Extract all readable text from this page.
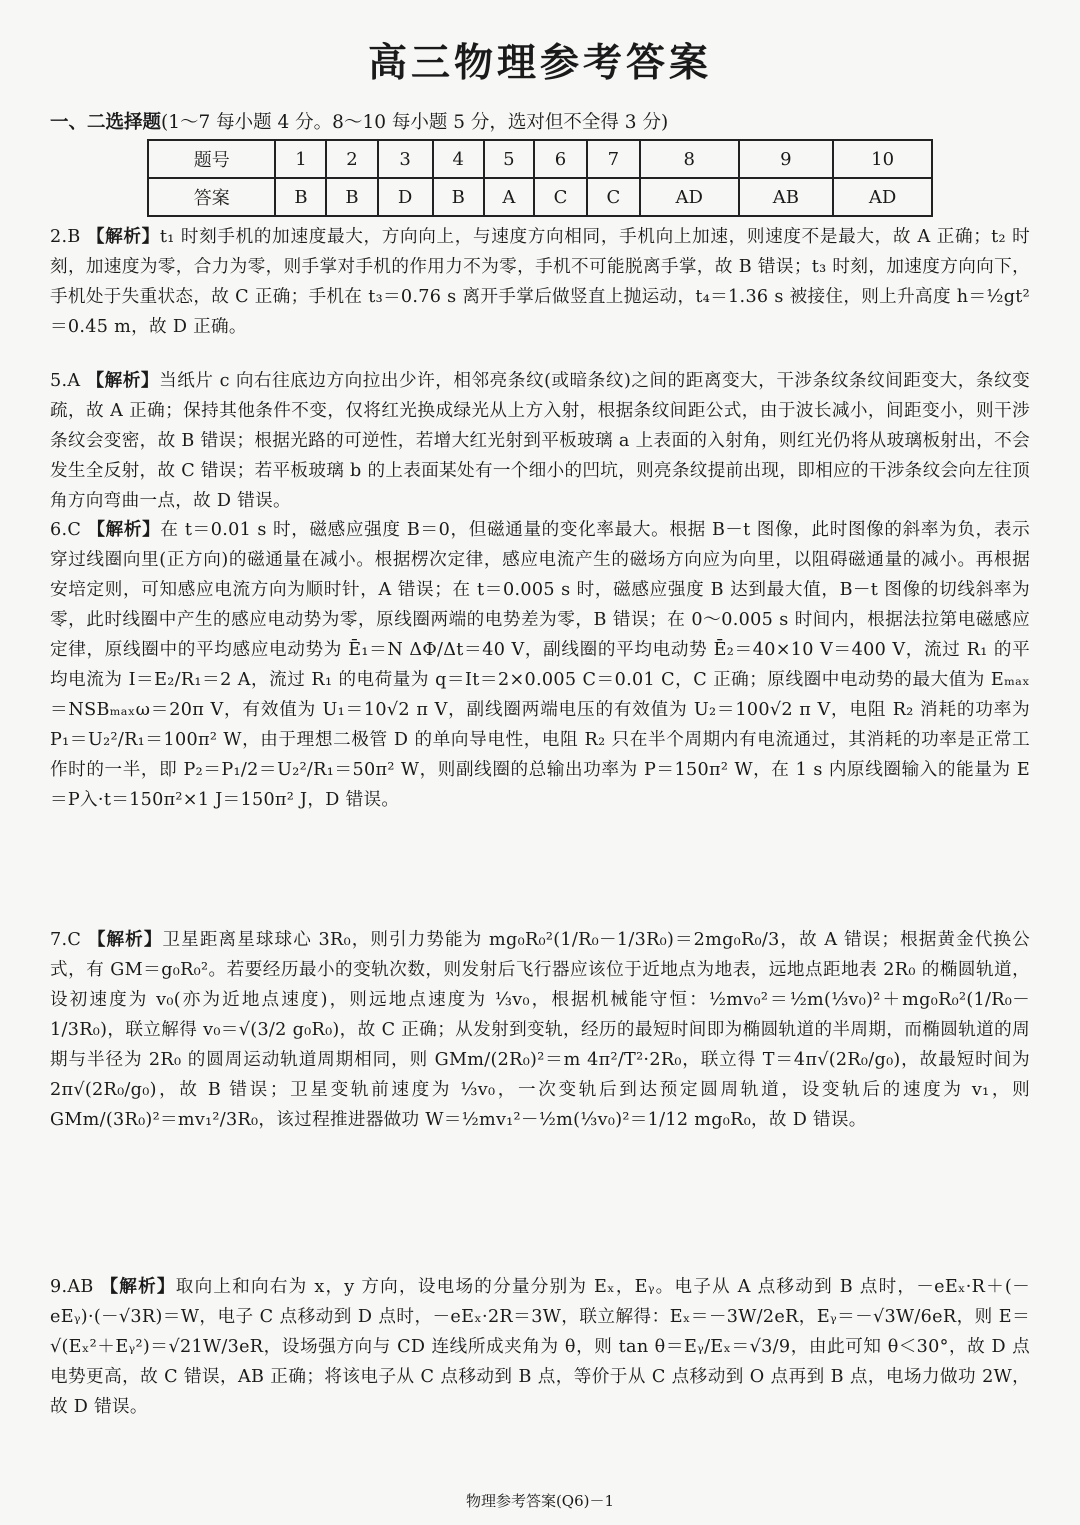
高三物理参考答案
一、二选择题(1～7 每小题 4 分。8～10 每小题 5 分，选对但不全得 3 分)
题号	1	2	3	4	5	6	7	8	9	10
答案	B	B	D	B	A	C	C	AD	AB	AD
2.B 【解析】t₁ 时刻手机的加速度最大，方向向上，与速度方向相同，手机向上加速，则速度不是最大，故 A 正确；t₂ 时刻，加速度为零，合力为零，则手掌对手机的作用力不为零，手机不可能脱离手掌，故 B 错误；t₃ 时刻，加速度方向向下，手机处于失重状态，故 C 正确；手机在 t₃＝0.76 s 离开手掌后做竖直上抛运动，t₄＝1.36 s 被接住，则上升高度 h＝½gt²＝0.45 m，故 D 正确。
5.A 【解析】当纸片 c 向右往底边方向拉出少许，相邻亮条纹(或暗条纹)之间的距离变大，干涉条纹条纹间距变大，条纹变疏，故 A 正确；保持其他条件不变，仅将红光换成绿光从上方入射，根据条纹间距公式，由于波长减小，间距变小，则干涉条纹会变密，故 B 错误；根据光路的可逆性，若增大红光射到平板玻璃 a 上表面的入射角，则红光仍将从玻璃板射出，不会发生全反射，故 C 错误；若平板玻璃 b 的上表面某处有一个细小的凹坑，则亮条纹提前出现，即相应的干涉条纹会向左往顶角方向弯曲一点，故 D 错误。
6.C 【解析】在 t＝0.01 s 时，磁感应强度 B＝0，但磁通量的变化率最大。根据 B－t 图像，此时图像的斜率为负，表示穿过线圈向里(正方向)的磁通量在减小。根据楞次定律，感应电流产生的磁场方向应为向里，以阻碍磁通量的减小。再根据安培定则，可知感应电流方向为顺时针，A 错误；在 t＝0.005 s 时，磁感应强度 B 达到最大值，B－t 图像的切线斜率为零，此时线圈中产生的感应电动势为零，原线圈两端的电势差为零，B 错误；在 0～0.005 s 时间内，根据法拉第电磁感应定律，原线圈中的平均感应电动势为 Ē₁＝N ΔΦ/Δt＝40 V，副线圈的平均电动势 Ē₂＝40×10 V＝400 V，流过 R₁ 的平均电流为 I＝E₂/R₁＝2 A，流过 R₁ 的电荷量为 q＝It＝2×0.005 C＝0.01 C，C 正确；原线圈中电动势的最大值为 Eₘₐₓ＝NSBₘₐₓω＝20π V，有效值为 U₁＝10√2 π V，副线圈两端电压的有效值为 U₂＝100√2 π V，电阻 R₂ 消耗的功率为 P₁＝U₂²/R₁＝100π² W，由于理想二极管 D 的单向导电性，电阻 R₂ 只在半个周期内有电流通过，其消耗的功率是正常工作时的一半，即 P₂＝P₁/2＝U₂²/R₁＝50π² W，则副线圈的总输出功率为 P＝150π² W，在 1 s 内原线圈输入的能量为 E＝P入·t＝150π²×1 J＝150π² J，D 错误。
7.C 【解析】卫星距离星球球心 3R₀，则引力势能为 mg₀R₀²(1/R₀－1/3R₀)＝2mg₀R₀/3，故 A 错误；根据黄金代换公式，有 GM＝g₀R₀²。若要经历最小的变轨次数，则发射后飞行器应该位于近地点为地表，远地点距地表 2R₀ 的椭圆轨道，设初速度为 v₀(亦为近地点速度)，则远地点速度为 ⅓v₀，根据机械能守恒：½mv₀²＝½m(⅓v₀)²＋mg₀R₀²(1/R₀－1/3R₀)，联立解得 v₀＝√(3/2 g₀R₀)，故 C 正确；从发射到变轨，经历的最短时间即为椭圆轨道的半周期，而椭圆轨道的周期与半径为 2R₀ 的圆周运动轨道周期相同，则 GMm/(2R₀)²＝m 4π²/T²·2R₀，联立得 T＝4π√(2R₀/g₀)，故最短时间为 2π√(2R₀/g₀)，故 B 错误；卫星变轨前速度为 ⅓v₀，一次变轨后到达预定圆周轨道，设变轨后的速度为 v₁，则 GMm/(3R₀)²＝mv₁²/3R₀，该过程推进器做功 W＝½mv₁²－½m(⅓v₀)²＝1/12 mg₀R₀，故 D 错误。
9.AB 【解析】取向上和向右为 x，y 方向，设电场的分量分别为 Eₓ，Eᵧ。电子从 A 点移动到 B 点时，－eEₓ·R＋(－eEᵧ)·(－√3R)＝W，电子 C 点移动到 D 点时，－eEₓ·2R＝3W，联立解得：Eₓ＝－3W/2eR，Eᵧ＝－√3W/6eR，则 E＝√(Eₓ²＋Eᵧ²)＝√21W/3eR，设场强方向与 CD 连线所成夹角为 θ，则 tan θ＝Eᵧ/Eₓ＝√3/9，由此可知 θ＜30°，故 D 点电势更高，故 C 错误，AB 正确；将该电子从 C 点移动到 B 点，等价于从 C 点移动到 O 点再到 B 点，电场力做功 2W，故 D 错误。
物理参考答案(Q6)－1
